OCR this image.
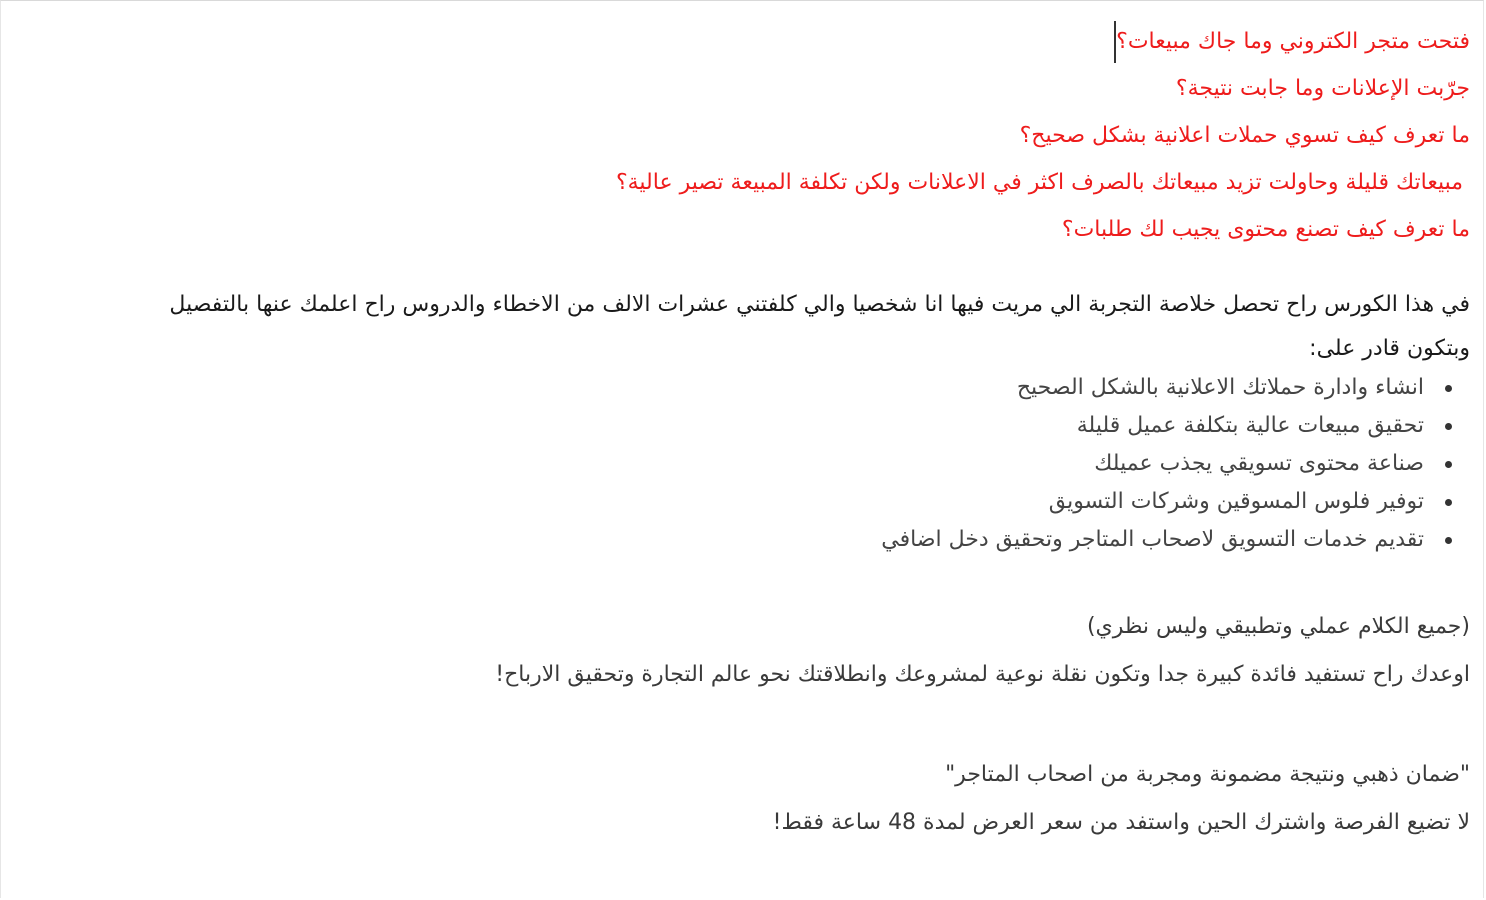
فتحت متجر الكتروني وما جاك مبيعات؟

جرّبت الإعلانات وما جابت نتيجة؟

ما تعرف كيف تسوي حملات اعلانية بشكل صحيح؟

مبيعاتك قليلة وحاولت تزيد مبيعاتك بالصرف اكثر في الاعلانات ولكن تكلفة المبيعة تصير عالية؟

ما تعرف كيف تصنع محتوى يجيب لك طلبات؟

في هذا الكورس راح تحصل خلاصة التجربة الي مريت فيها انا شخصيا والي كلفتني عشرات الالف من الاخطاء والدروس راح اعلمك عنها بالتفصيل

وبتكون قادر على:

انشاء وادارة حملاتك الاعلانية بالشكل الصحيح
تحقيق مبيعات عالية بتكلفة عميل قليلة
صناعة محتوى تسويقي يجذب عميلك
توفير فلوس المسوقين وشركات التسويق
تقديم خدمات التسويق لاصحاب المتاجر وتحقيق دخل اضافي

(جميع الكلام عملي وتطبيقي وليس نظري)

اوعدك راح تستفيد فائدة كبيرة جدا وتكون نقلة نوعية لمشروعك وانطلاقتك نحو عالم التجارة وتحقيق الارباح!

"ضمان ذهبي ونتيجة مضمونة ومجربة من اصحاب المتاجر"

لا تضيع الفرصة واشترك الحين واستفد من سعر العرض لمدة 48 ساعة فقط!
